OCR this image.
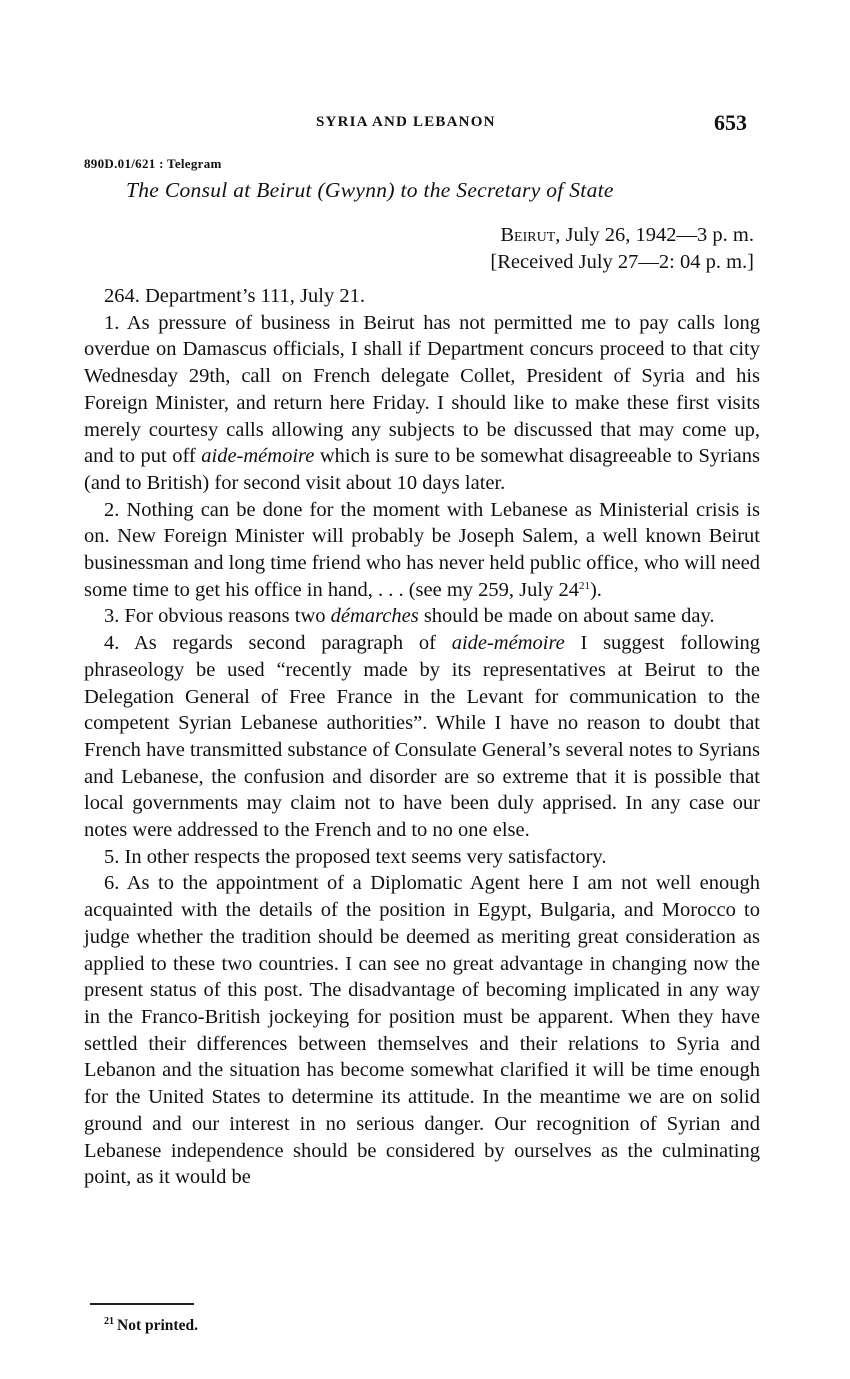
SYRIA AND LEBANON	653
890D.01/621 : Telegram
The Consul at Beirut (Gwynn) to the Secretary of State
Beirut, July 26, 1942—3 p. m.
[Received July 27—2: 04 p. m.]

264. Department’s 111, July 21.

1. As pressure of business in Beirut has not permitted me to pay calls long overdue on Damascus officials, I shall if Department concurs proceed to that city Wednesday 29th, call on French delegate Collet, President of Syria and his Foreign Minister, and return here Friday. I should like to make these first visits merely courtesy calls allowing any subjects to be discussed that may come up, and to put off aide-mémoire which is sure to be somewhat disagreeable to Syrians (and to British) for second visit about 10 days later.

2. Nothing can be done for the moment with Lebanese as Ministerial crisis is on. New Foreign Minister will probably be Joseph Salem, a well known Beirut businessman and long time friend who has never held public office, who will need some time to get his office in hand, . . . (see my 259, July $24^{21}$).

3. For obvious reasons two démarches should be made on about same day.

4. As regards second paragraph of aide-mémoire I suggest following phraseology be used “recently made by its representatives at Beirut to the Delegation General of Free France in the Levant for communication to the competent Syrian Lebanese authorities”. While I have no reason to doubt that French have transmitted substance of Consulate General’s several notes to Syrians and Lebanese, the confusion and disorder are so extreme that it is possible that local governments may claim not to have been duly apprised. In any case our notes were addressed to the French and to no one else.

5. In other respects the proposed text seems very satisfactory.

6. As to the appointment of a Diplomatic Agent here I am not well enough acquainted with the details of the position in Egypt, Bulgaria, and Morocco to judge whether the tradition should be deemed as meriting great consideration as applied to these two countries. I can see no great advantage in changing now the present status of this post. The disadvantage of becoming implicated in any way in the Franco-British jockeying for position must be apparent. When they have settled their differences between themselves and their relations to Syria and Lebanon and the situation has become somewhat clarified it will be time enough for the United States to determine its attitude. In the meantime we are on solid ground and our interest in no serious danger. Our recognition of Syrian and Lebanese independence should be considered by ourselves as the culminating point, as it would be

$^{21}$ Not printed.
